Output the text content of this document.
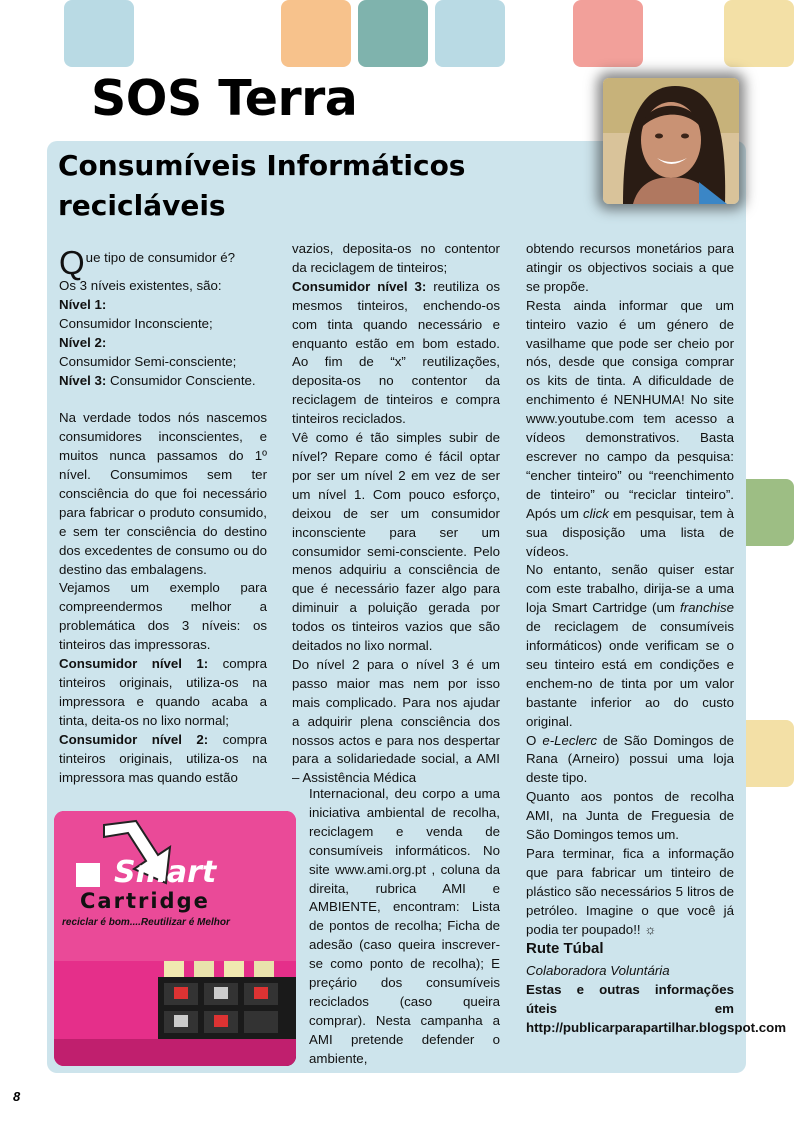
SOS Terra
Consumíveis Informáticos
recicláveis

Que tipo de consumidor é?

Os 3 níveis existentes, são:

Nível 1:

Consumidor Inconsciente;

Nível 2:

Consumidor Semi-consciente;

Nível 3: Consumidor Consciente.

Na verdade todos nós nascemos consumidores inconscientes, e muitos nunca passamos do 1º nível. Consumimos sem ter consciência do que foi necessário para fabricar o produto consumido, e sem ter consciência do destino dos excedentes de consumo ou do destino das embalagens.

Vejamos um exemplo para compreendermos melhor a problemática dos 3 níveis: os tinteiros das impressoras.

Consumidor nível 1: compra tinteiros originais, utiliza-os na impressora e quando acaba a tinta, deita-os no lixo normal;

Consumidor nível 2: compra tinteiros originais, utiliza-os na impressora mas quando estão

vazios, deposita-os no contentor da reciclagem de tinteiros;

Consumidor nível 3: reutiliza os mesmos tinteiros, enchendo-os com tinta quando necessário e enquanto estão em bom estado. Ao fim de “x” reutilizações, deposita-os no contentor da reciclagem de tinteiros e compra tinteiros reciclados.

Vê como é tão simples subir de nível? Repare como é fácil optar por ser um nível 2 em vez de ser um nível 1. Com pouco esforço, deixou de ser um consumidor inconsciente para ser um consumidor semi-consciente. Pelo menos adquiriu a consciência de que é necessário fazer algo para diminuir a poluição gerada por todos os tinteiros vazios que são deitados no lixo normal.

Do nível 2 para o nível 3 é um passo maior mas nem por isso mais complicado. Para nos ajudar a adquirir plena consciência dos nossos actos e para nos despertar para a solidariedade social, a AMI – Assistência Médica

Internacional, deu corpo a uma iniciativa ambiental de recolha, reciclagem e venda de consumíveis informáticos. No site www.ami.org.pt , coluna da direita, rubrica AMI e AMBIENTE, encontram: Lista de pontos de recolha; Ficha de adesão (caso queira inscrever-se como ponto de recolha); E preçário dos consumíveis reciclados (caso queira comprar). Nesta campanha a AMI pretende defender o ambiente,

obtendo recursos monetários para atingir os objectivos sociais a que se propõe.

Resta ainda informar que um tinteiro vazio é um género de vasilhame que pode ser cheio por nós, desde que consiga comprar os kits de tinta. A dificuldade de enchimento é NENHUMA! No site www.youtube.com tem acesso a vídeos demonstrativos. Basta escrever no campo da pesquisa: “encher tinteiro” ou “reenchimento de tinteiro” ou “reciclar tinteiro”. Após um click em pesquisar, tem à sua disposição uma lista de vídeos.

No entanto, senão quiser estar com este trabalho, dirija-se a uma loja Smart Cartridge (um franchise de reciclagem de consumíveis informáticos) onde verificam se o seu tinteiro está em condições e enchem-no de tinta por um valor bastante inferior ao do custo original.

O e-Leclerc de São Domingos de Rana (Arneiro) possui uma loja deste tipo.

Quanto aos pontos de recolha AMI, na Junta de Freguesia de São Domingos temos um.

Para terminar, fica a informação que para fabricar um tinteiro de plástico são necessários 5 litros de petróleo. Imagine o que você já podia ter poupado!! ☼

Rute Túbal

Colaboradora Voluntária

Estas e outras informações úteis em http://publicarparapartilhar.blogspot.com

Smart
Cartridge
reciclar é bom....Reutilizar é Melhor
8
